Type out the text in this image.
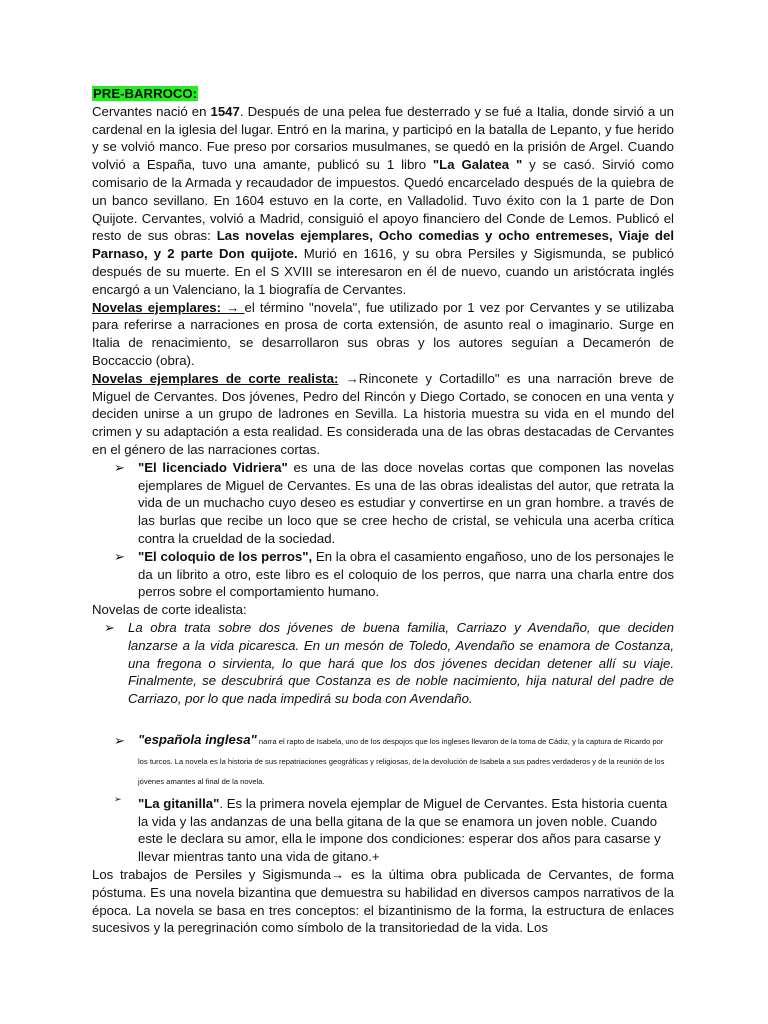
PRE-BARROCO:

Cervantes nació en 1547. Después de una pelea fue desterrado y se fué a Italia, donde sirvió a un cardenal en la iglesia del lugar. Entró en la marina, y participó en la batalla de Lepanto, y fue herido y se volvió manco. Fue preso por corsarios musulmanes, se quedó en la prisión de Argel. Cuando volvió a España, tuvo una amante, publicó su 1 libro "La Galatea " y se casó. Sirvió como comisario de la Armada y recaudador de impuestos. Quedó encarcelado después de la quiebra de un banco sevillano. En 1604 estuvo en la corte, en Valladolid. Tuvo éxito con la 1 parte de Don Quijote. Cervantes, volvió a Madrid, consiguió el apoyo financiero del Conde de Lemos. Publicó el resto de sus obras: Las novelas ejemplares, Ocho comedias y ocho entremeses, Viaje del Parnaso, y 2 parte Don quijote. Murió en 1616, y su obra Persiles y Sigismunda, se publicó después de su muerte. En el S XVIII se interesaron en él de nuevo, cuando un aristócrata inglés encargó a un Valenciano, la 1 biografía de Cervantes.

Novelas ejemplares: → el término "novela", fue utilizado por 1 vez por Cervantes y se utilizaba para referirse a narraciones en prosa de corta extensión, de asunto real o imaginario. Surge en Italia de renacimiento, se desarrollaron sus obras y los autores seguían a Decamerón de Boccaccio (obra).

Novelas ejemplares de corte realista: →Rinconete y Cortadillo" es una narración breve de Miguel de Cervantes. Dos jóvenes, Pedro del Rincón y Diego Cortado, se conocen en una venta y deciden unirse a un grupo de ladrones en Sevilla. La historia muestra su vida en el mundo del crimen y su adaptación a esta realidad. Es considerada una de las obras destacadas de Cervantes en el género de las narraciones cortas.

➢ "El licenciado Vidriera" es una de las doce novelas cortas que componen las novelas ejemplares de Miguel de Cervantes. Es una de las obras idealistas del autor, que retrata la vida de un muchacho cuyo deseo es estudiar y convertirse en un gran hombre. a través de las burlas que recibe un loco que se cree hecho de cristal, se vehicula una acerba crítica contra la crueldad de la sociedad.
➢ "El coloquio de los perros", En la obra el casamiento engañoso, uno de los personajes le da un librito a otro, este libro es el coloquio de los perros, que narra una charla entre dos perros sobre el comportamiento humano.

Novelas de corte idealista:

➢ La obra trata sobre dos jóvenes de buena familia, Carriazo y Avendaño, que deciden lanzarse a la vida picaresca. En un mesón de Toledo, Avendaño se enamora de Costanza, una fregona o sirvienta, lo que hará que los dos jóvenes decidan detener allí su viaje. Finalmente, se descubrirá que Costanza es de noble nacimiento, hija natural del padre de Carriazo, por lo que nada impedirá su boda con Avendaño.
➢ "española inglesa" narra el rapto de Isabela, uno de los despojos que los ingleses llevaron de la toma de Cádiz, y la captura de Ricardo por los turcos. La novela es la historia de sus repatriaciones geográficas y religiosas, de la devolución de Isabela a sus padres verdaderos y de la reunión de los jóvenes amantes al final de la novela.
➢ "La gitanilla". Es la primera novela ejemplar de Miguel de Cervantes. Esta historia cuenta la vida y las andanzas de una bella gitana de la que se enamora un joven noble. Cuando este le declara su amor, ella le impone dos condiciones: esperar dos años para casarse y llevar mientras tanto una vida de gitano.+

Los trabajos de Persiles y Sigismunda→ es la última obra publicada de Cervantes, de forma póstuma. Es una novela bizantina que demuestra su habilidad en diversos campos narrativos de la época. La novela se basa en tres conceptos: el bizantinismo de la forma, la estructura de enlaces sucesivos y la peregrinación como símbolo de la transitoriedad de la vida. Los
